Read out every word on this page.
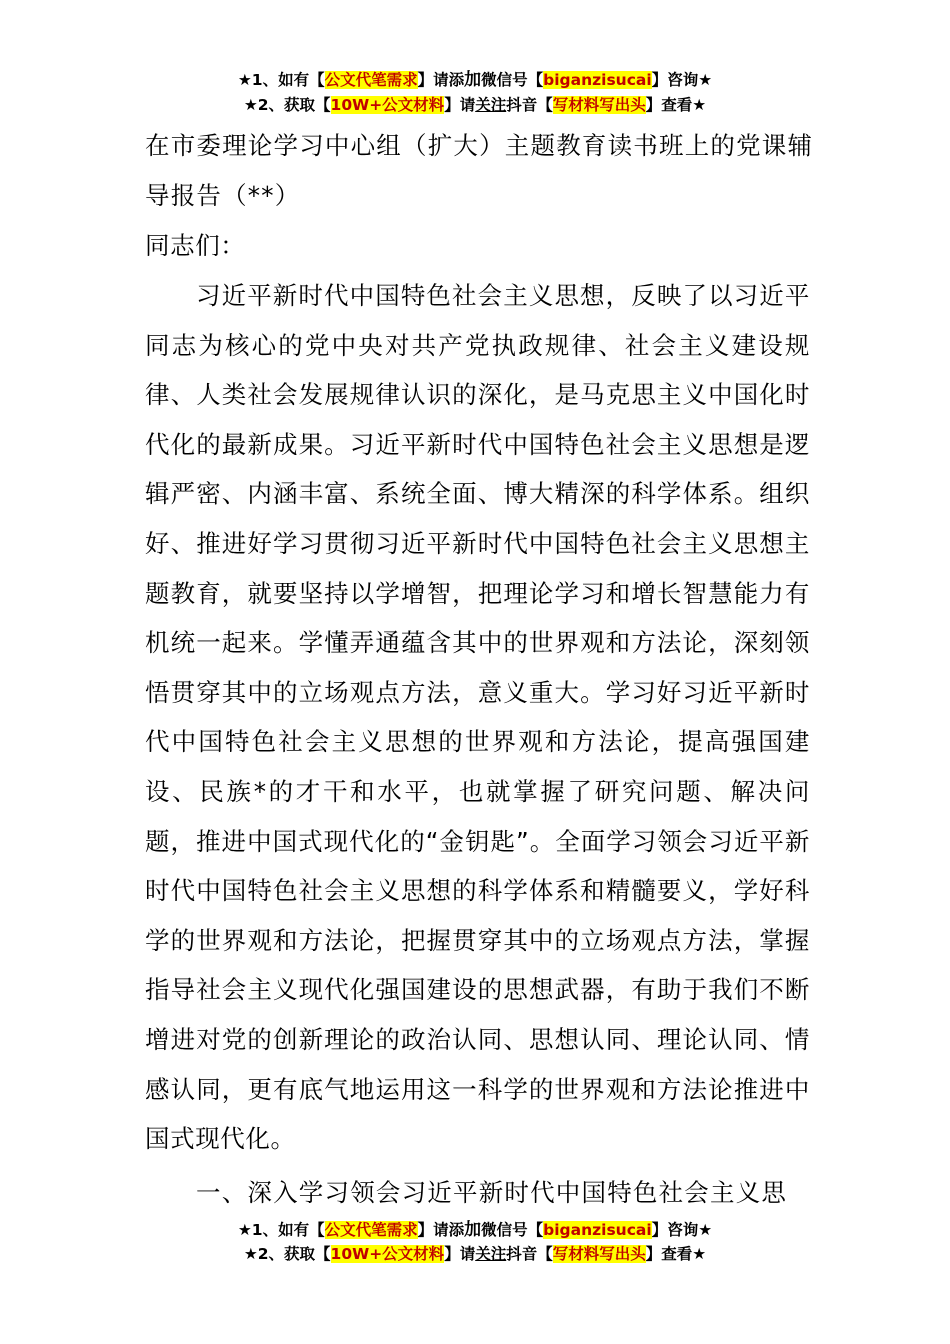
★1、如有【公文代笔需求】请添加微信号【biganzisucai】咨询★
★2、获取【10W+公文材料】请关注抖音【写材料写出头】查看★
在市委理论学习中心组（扩大）主题教育读书班上的党课辅导报告（**）
同志们：
习近平新时代中国特色社会主义思想，反映了以习近平同志为核心的党中央对共产党执政规律、社会主义建设规律、人类社会发展规律认识的深化，是马克思主义中国化时代化的最新成果。习近平新时代中国特色社会主义思想是逻辑严密、内涵丰富、系统全面、博大精深的科学体系。组织好、推进好学习贯彻习近平新时代中国特色社会主义思想主题教育，就要坚持以学增智，把理论学习和增长智慧能力有机统一起来。学懂弄通蕴含其中的世界观和方法论，深刻领悟贯穿其中的立场观点方法，意义重大。学习好习近平新时代中国特色社会主义思想的世界观和方法论，提高强国建设、民族*的才干和水平，也就掌握了研究问题、解决问题，推进中国式现代化的“金钥匙”。全面学习领会习近平新时代中国特色社会主义思想的科学体系和精髓要义，学好科学的世界观和方法论，把握贯穿其中的立场观点方法，掌握指导社会主义现代化强国建设的思想武器，有助于我们不断增进对党的创新理论的政治认同、思想认同、理论认同、情感认同，更有底气地运用这一科学的世界观和方法论推进中国式现代化。
一、深入学习领会习近平新时代中国特色社会主义思
★1、如有【公文代笔需求】请添加微信号【biganzisucai】咨询★
★2、获取【10W+公文材料】请关注抖音【写材料写出头】查看★
